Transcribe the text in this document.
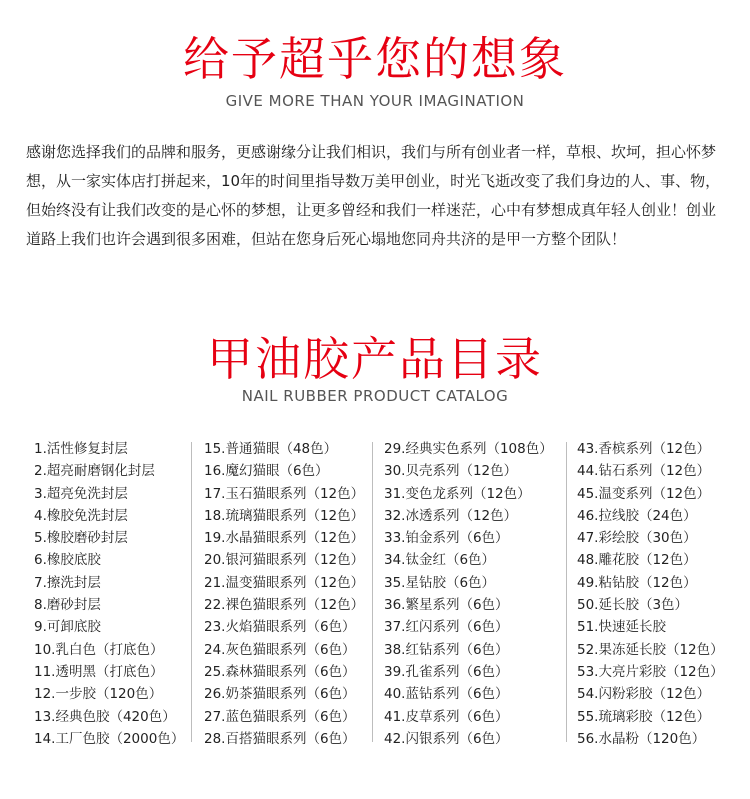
给予超乎您的想象
GIVE MORE THAN YOUR IMAGINATION
感谢您选择我们的品牌和服务，更感谢缘分让我们相识，我们与所有创业者一样，草根、坎坷，担心怀梦想，从一家实体店打拼起来，10年的时间里指导数万美甲创业，时光飞逝改变了我们身边的人、事、物，但始终没有让我们改变的是心怀的梦想，让更多曾经和我们一样迷茫，心中有梦想成真年轻人创业！创业道路上我们也许会遇到很多困难，但站在您身后死心塌地您同舟共济的是甲一方整个团队！
甲油胶产品目录
NAIL RUBBER PRODUCT CATALOG
1.活性修复封层
2.超亮耐磨钢化封层
3.超亮免洗封层
4.橡胶免洗封层
5.橡胶磨砂封层
6.橡胶底胶
7.擦洗封层
8.磨砂封层
9.可卸底胶
10.乳白色（打底色）
11.透明黑（打底色）
12.一步胶（120色）
13.经典色胶（420色）
14.工厂色胶（2000色）
15.普通猫眼（48色）
16.魔幻猫眼（6色）
17.玉石猫眼系列（12色）
18.琉璃猫眼系列（12色）
19.水晶猫眼系列（12色）
20.银河猫眼系列（12色）
21.温变猫眼系列（12色）
22.裸色猫眼系列（12色）
23.火焰猫眼系列（6色）
24.灰色猫眼系列（6色）
25.森林猫眼系列（6色）
26.奶茶猫眼系列（6色）
27.蓝色猫眼系列（6色）
28.百搭猫眼系列（6色）
29.经典实色系列（108色）
30.贝壳系列（12色）
31.变色龙系列（12色）
32.冰透系列（12色）
33.铂金系列（6色）
34.钛金红（6色）
35.星钻胶（6色）
36.繁星系列（6色）
37.红闪系列（6色）
38.红钻系列（6色）
39.孔雀系列（6色）
40.蓝钻系列（6色）
41.皮草系列（6色）
42.闪银系列（6色）
43.香槟系列（12色）
44.钻石系列（12色）
45.温变系列（12色）
46.拉线胶（24色）
47.彩绘胶（30色）
48.雕花胶（12色）
49.粘钻胶（12色）
50.延长胶（3色）
51.快速延长胶
52.果冻延长胶（12色）
53.大亮片彩胶（12色）
54.闪粉彩胶（12色）
55.琉璃彩胶（12色）
56.水晶粉（120色）
